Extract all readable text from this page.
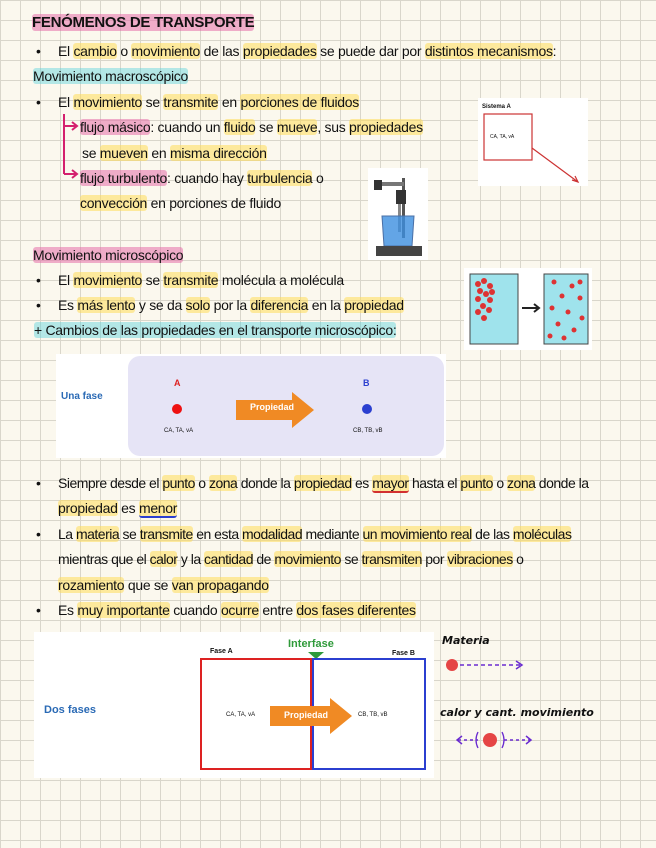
FENÓMENOS DE TRANSPORTE
• El cambio o movimiento de las propiedades se puede dar por distintos mecanismos:
Movimiento macroscópico
• El movimiento se transmite en porciones de fluidos
flujo másico: cuando un fluido se mueve, sus propiedades
se mueven en misma dirección
flujo turbulento: cuando hay turbulencia o
convección en porciones de fluido
Sistema A
CA, TA, vA
Movimiento microscópico
• El movimiento se transmite molécula a molécula
• Es más lento y se da solo por la diferencia en la propiedad
+ Cambios de las propiedades en el transporte microscópico:
Una fase
A
CA, TA, vA
Propiedad
B
CB, TB, vB
• Siempre desde el punto o zona donde la propiedad es mayor hasta el punto o zona donde la
propiedad es menor
• La materia se transmite en esta modalidad mediante un movimiento real de las moléculas
mientras que el calor y la cantidad de movimiento se transmiten por vibraciones o
rozamiento que se van propagando
• Es muy importante cuando ocurre entre dos fases diferentes
Dos fases
Interfase
Fase A	Fase B
CA, TA, vA	CB, TB, vB
Propiedad
Materia
calor y cant. movimiento
